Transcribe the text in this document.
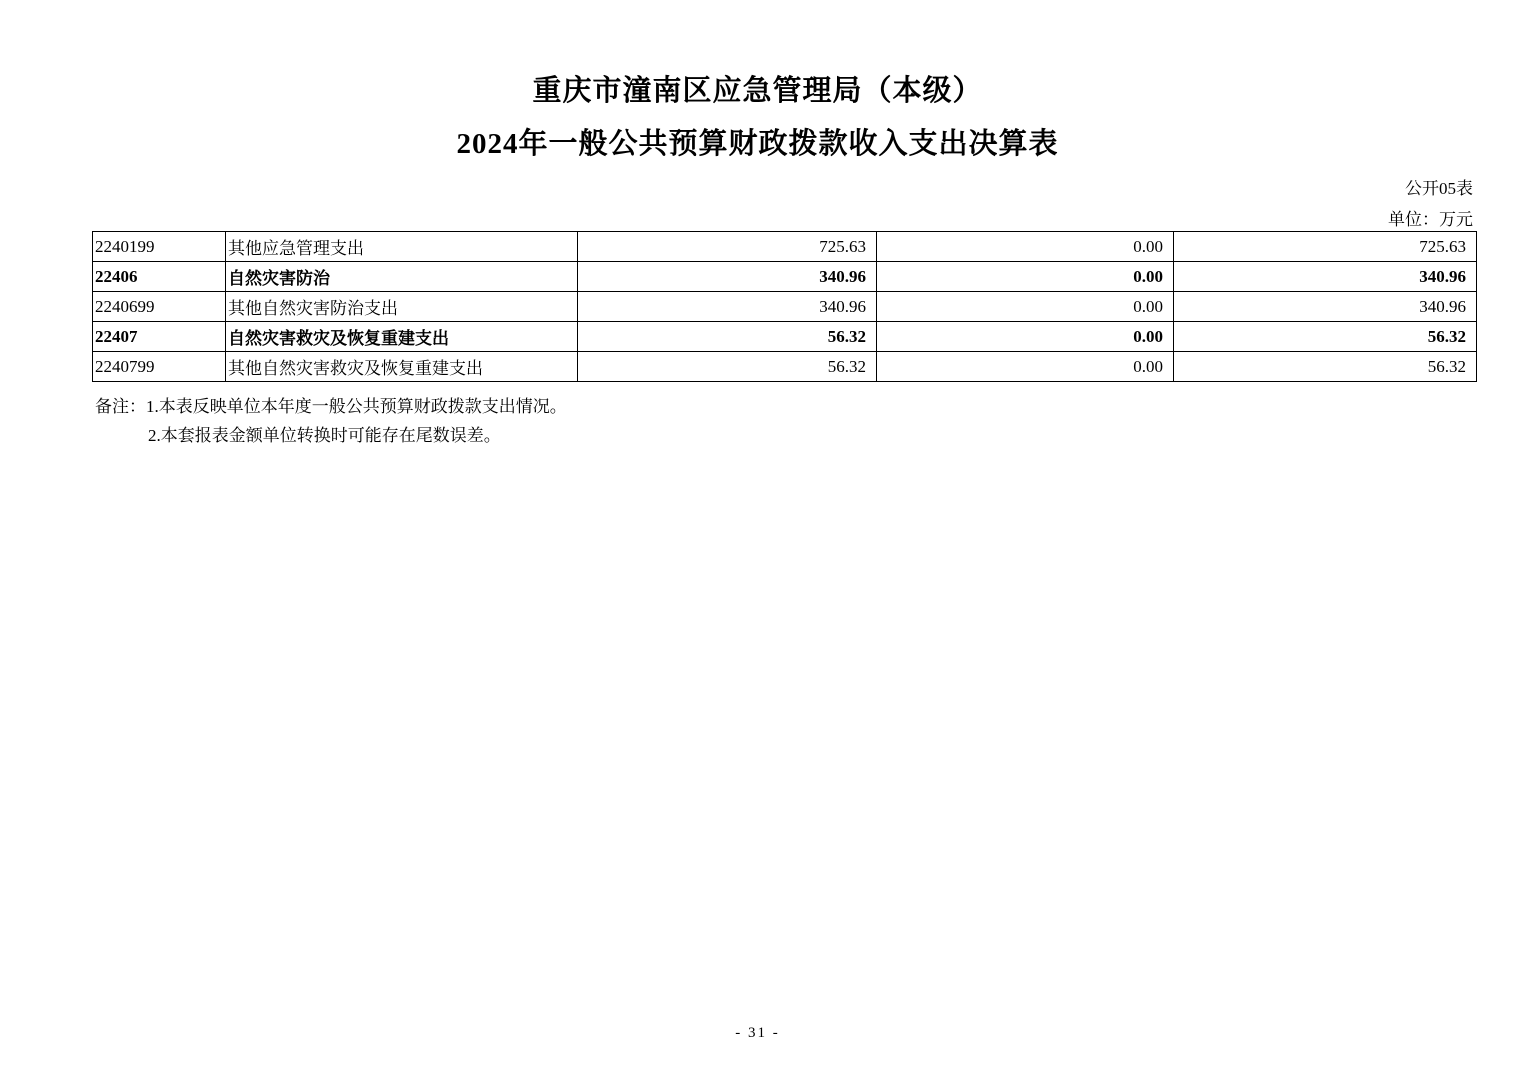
重庆市潼南区应急管理局（本级）
2024年一般公共预算财政拨款收入支出决算表
公开05表
单位：万元
2240199	其他应急管理支出	725.63	0.00	725.63
22406	自然灾害防治	340.96	0.00	340.96
2240699	其他自然灾害防治支出	340.96	0.00	340.96
22407	自然灾害救灾及恢复重建支出	56.32	0.00	56.32
2240799	其他自然灾害救灾及恢复重建支出	56.32	0.00	56.32
备注：1.本表反映单位本年度一般公共预算财政拨款支出情况。
2.本套报表金额单位转换时可能存在尾数误差。
- 31 -
